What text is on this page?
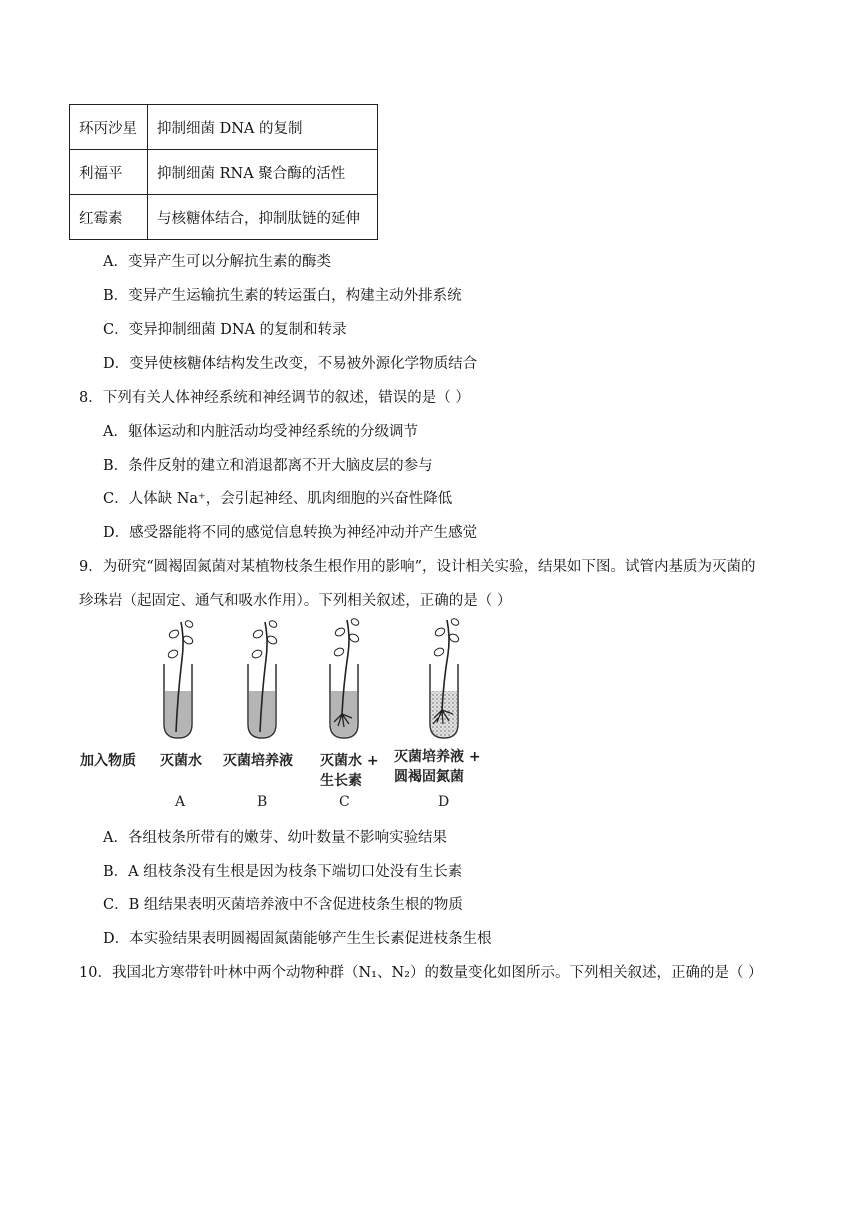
环丙沙星	抑制细菌 DNA 的复制
利福平	抑制细菌 RNA 聚合酶的活性
红霉素	与核糖体结合，抑制肽链的延伸
A．变异产生可以分解抗生素的酶类
B．变异产生运输抗生素的转运蛋白，构建主动外排系统
C．变异抑制细菌 DNA 的复制和转录
D．变异使核糖体结构发生改变，不易被外源化学物质结合
8．下列有关人体神经系统和神经调节的叙述，错误的是（ ）
A．躯体运动和内脏活动均受神经系统的分级调节
B．条件反射的建立和消退都离不开大脑皮层的参与
C．人体缺 Na⁺，会引起神经、肌肉细胞的兴奋性降低
D．感受器能将不同的感觉信息转换为神经冲动并产生感觉
9．为研究“圆褐固氮菌对某植物枝条生根作用的影响”，设计相关实验，结果如下图。试管内基质为灭菌的
珍珠岩（起固定、通气和吸水作用）。下列相关叙述，正确的是（ ）
加入物质 灭菌水 灭菌培养液 灭菌水 +
生长素
灭菌培养液 +
圆褐固氮菌
A	B	C	D
A．各组枝条所带有的嫩芽、幼叶数量不影响实验结果
B．A 组枝条没有生根是因为枝条下端切口处没有生长素
C．B 组结果表明灭菌培养液中不含促进枝条生根的物质
D．本实验结果表明圆褐固氮菌能够产生生长素促进枝条生根
10．我国北方寒带针叶林中两个动物种群（N₁、N₂）的数量变化如图所示。下列相关叙述，正确的是（ ）
